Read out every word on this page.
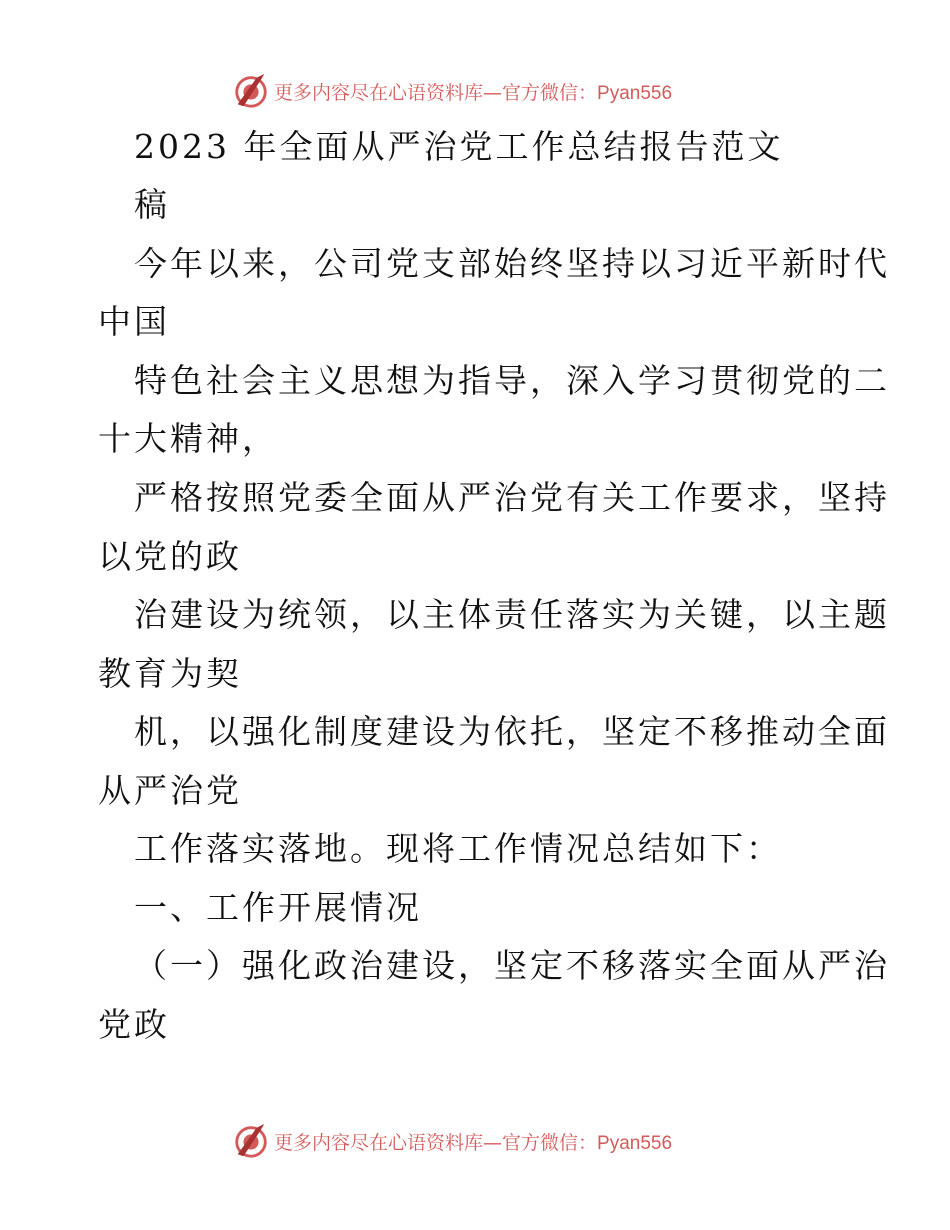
更多内容尽在心语资料库—官方微信：Pyan556
2023 年全面从严治党工作总结报告范文
稿
今年以来，公司党支部始终坚持以习近平新时代
中国
特色社会主义思想为指导，深入学习贯彻党的二
十大精神，
严格按照党委全面从严治党有关工作要求，坚持
以党的政
治建设为统领，以主体责任落实为关键，以主题
教育为契
机，以强化制度建设为依托，坚定不移推动全面
从严治党
工作落实落地。现将工作情况总结如下：
一、工作开展情况
（一）强化政治建设，坚定不移落实全面从严治
党政
更多内容尽在心语资料库—官方微信：Pyan556
